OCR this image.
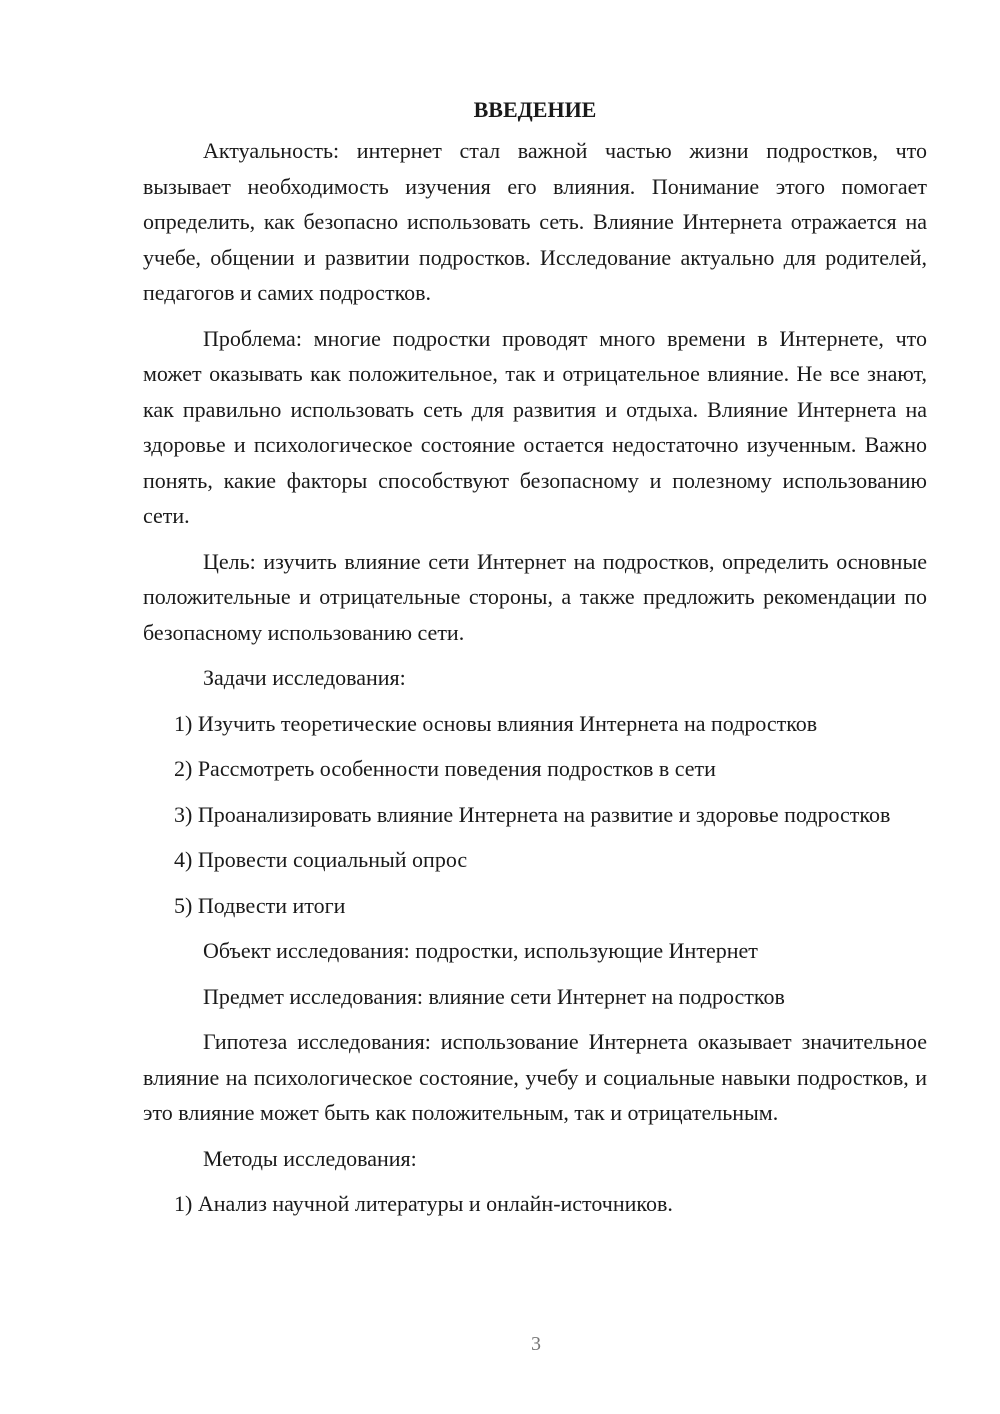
ВВЕДЕНИЕ

Актуальность: интернет стал важной частью жизни подростков, что вызывает необходимость изучения его влияния. Понимание этого помогает определить, как безопасно использовать сеть. Влияние Интернета отражается на учебе, общении и развитии подростков. Исследование актуально для родителей, педагогов и самих подростков.

Проблема: многие подростки проводят много времени в Интернете, что может оказывать как положительное, так и отрицательное влияние. Не все знают, как правильно использовать сеть для развития и отдыха. Влияние Интернета на здоровье и психологическое состояние остается недостаточно изученным. Важно понять, какие факторы способствуют безопасному и полезному использованию сети.

Цель: изучить влияние сети Интернет на подростков, определить основные положительные и отрицательные стороны, а также предложить рекомендации по безопасному использованию сети.

Задачи исследования:

1) Изучить теоретические основы влияния Интернета на подростков

2) Рассмотреть особенности поведения подростков в сети

3) Проанализировать влияние Интернета на развитие и здоровье подростков

4) Провести социальный опрос

5) Подвести итоги

Объект исследования: подростки, использующие Интернет

Предмет исследования: влияние сети Интернет на подростков

Гипотеза исследования: использование Интернета оказывает значительное влияние на психологическое состояние, учебу и социальные навыки подростков, и это влияние может быть как положительным, так и отрицательным.

Методы исследования:

1) Анализ научной литературы и онлайн-источников.

3
